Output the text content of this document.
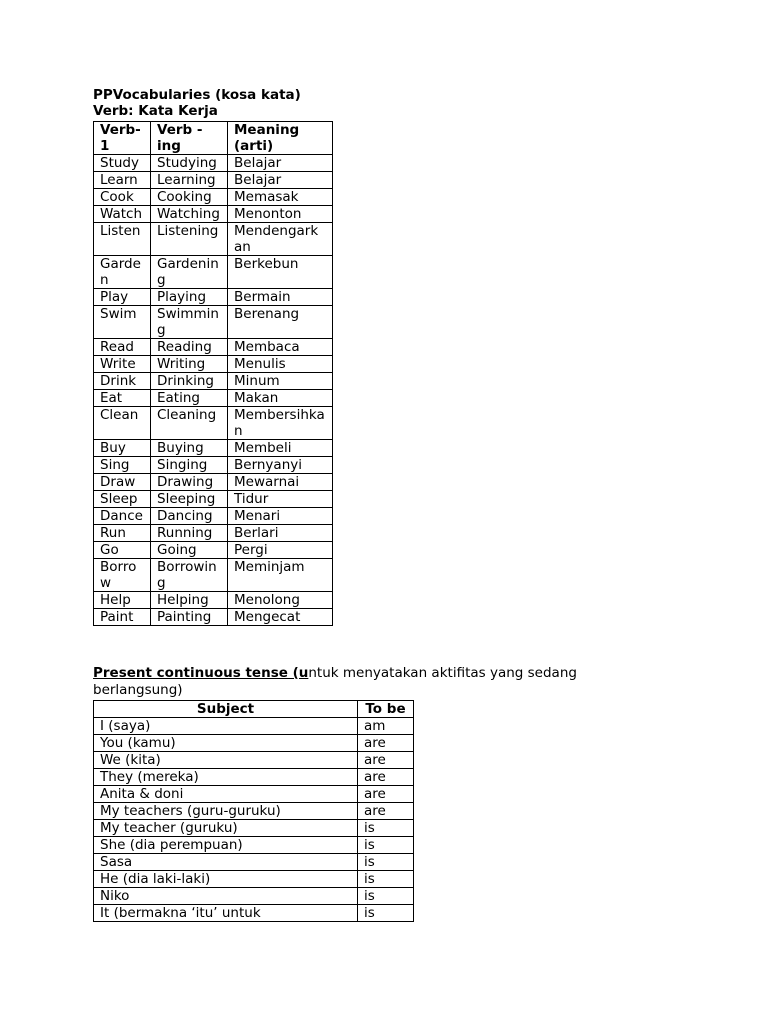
PPVocabularies (kosa kata)
Verb: Kata Kerja
Verb-1	Verb -ing	Meaning (arti)
Study	Studying	Belajar
Learn	Learning	Belajar
Cook	Cooking	Memasak
Watch	Watching	Menonton
Listen	Listening	Mendengarkan
Garden	Gardening	Berkebun
Play	Playing	Bermain
Swim	Swimming	Berenang
Read	Reading	Membaca
Write	Writing	Menulis
Drink	Drinking	Minum
Eat	Eating	Makan
Clean	Cleaning	Membersihkan
Buy	Buying	Membeli
Sing	Singing	Bernyanyi
Draw	Drawing	Mewarnai
Sleep	Sleeping	Tidur
Dance	Dancing	Menari
Run	Running	Berlari
Go	Going	Pergi
Borrow	Borrowing	Meminjam
Help	Helping	Menolong
Paint	Painting	Mengecat
Present continuous tense (untuk menyatakan aktifitas yang sedang berlangsung)
Subject	To be
I (saya)	am
You (kamu)	are
We (kita)	are
They (mereka)	are
Anita & doni	are
My teachers (guru-guruku)	are
My teacher (guruku)	is
She (dia perempuan)	is
Sasa	is
He (dia laki-laki)	is
Niko	is
It (bermakna ‘itu’ untuk	is
